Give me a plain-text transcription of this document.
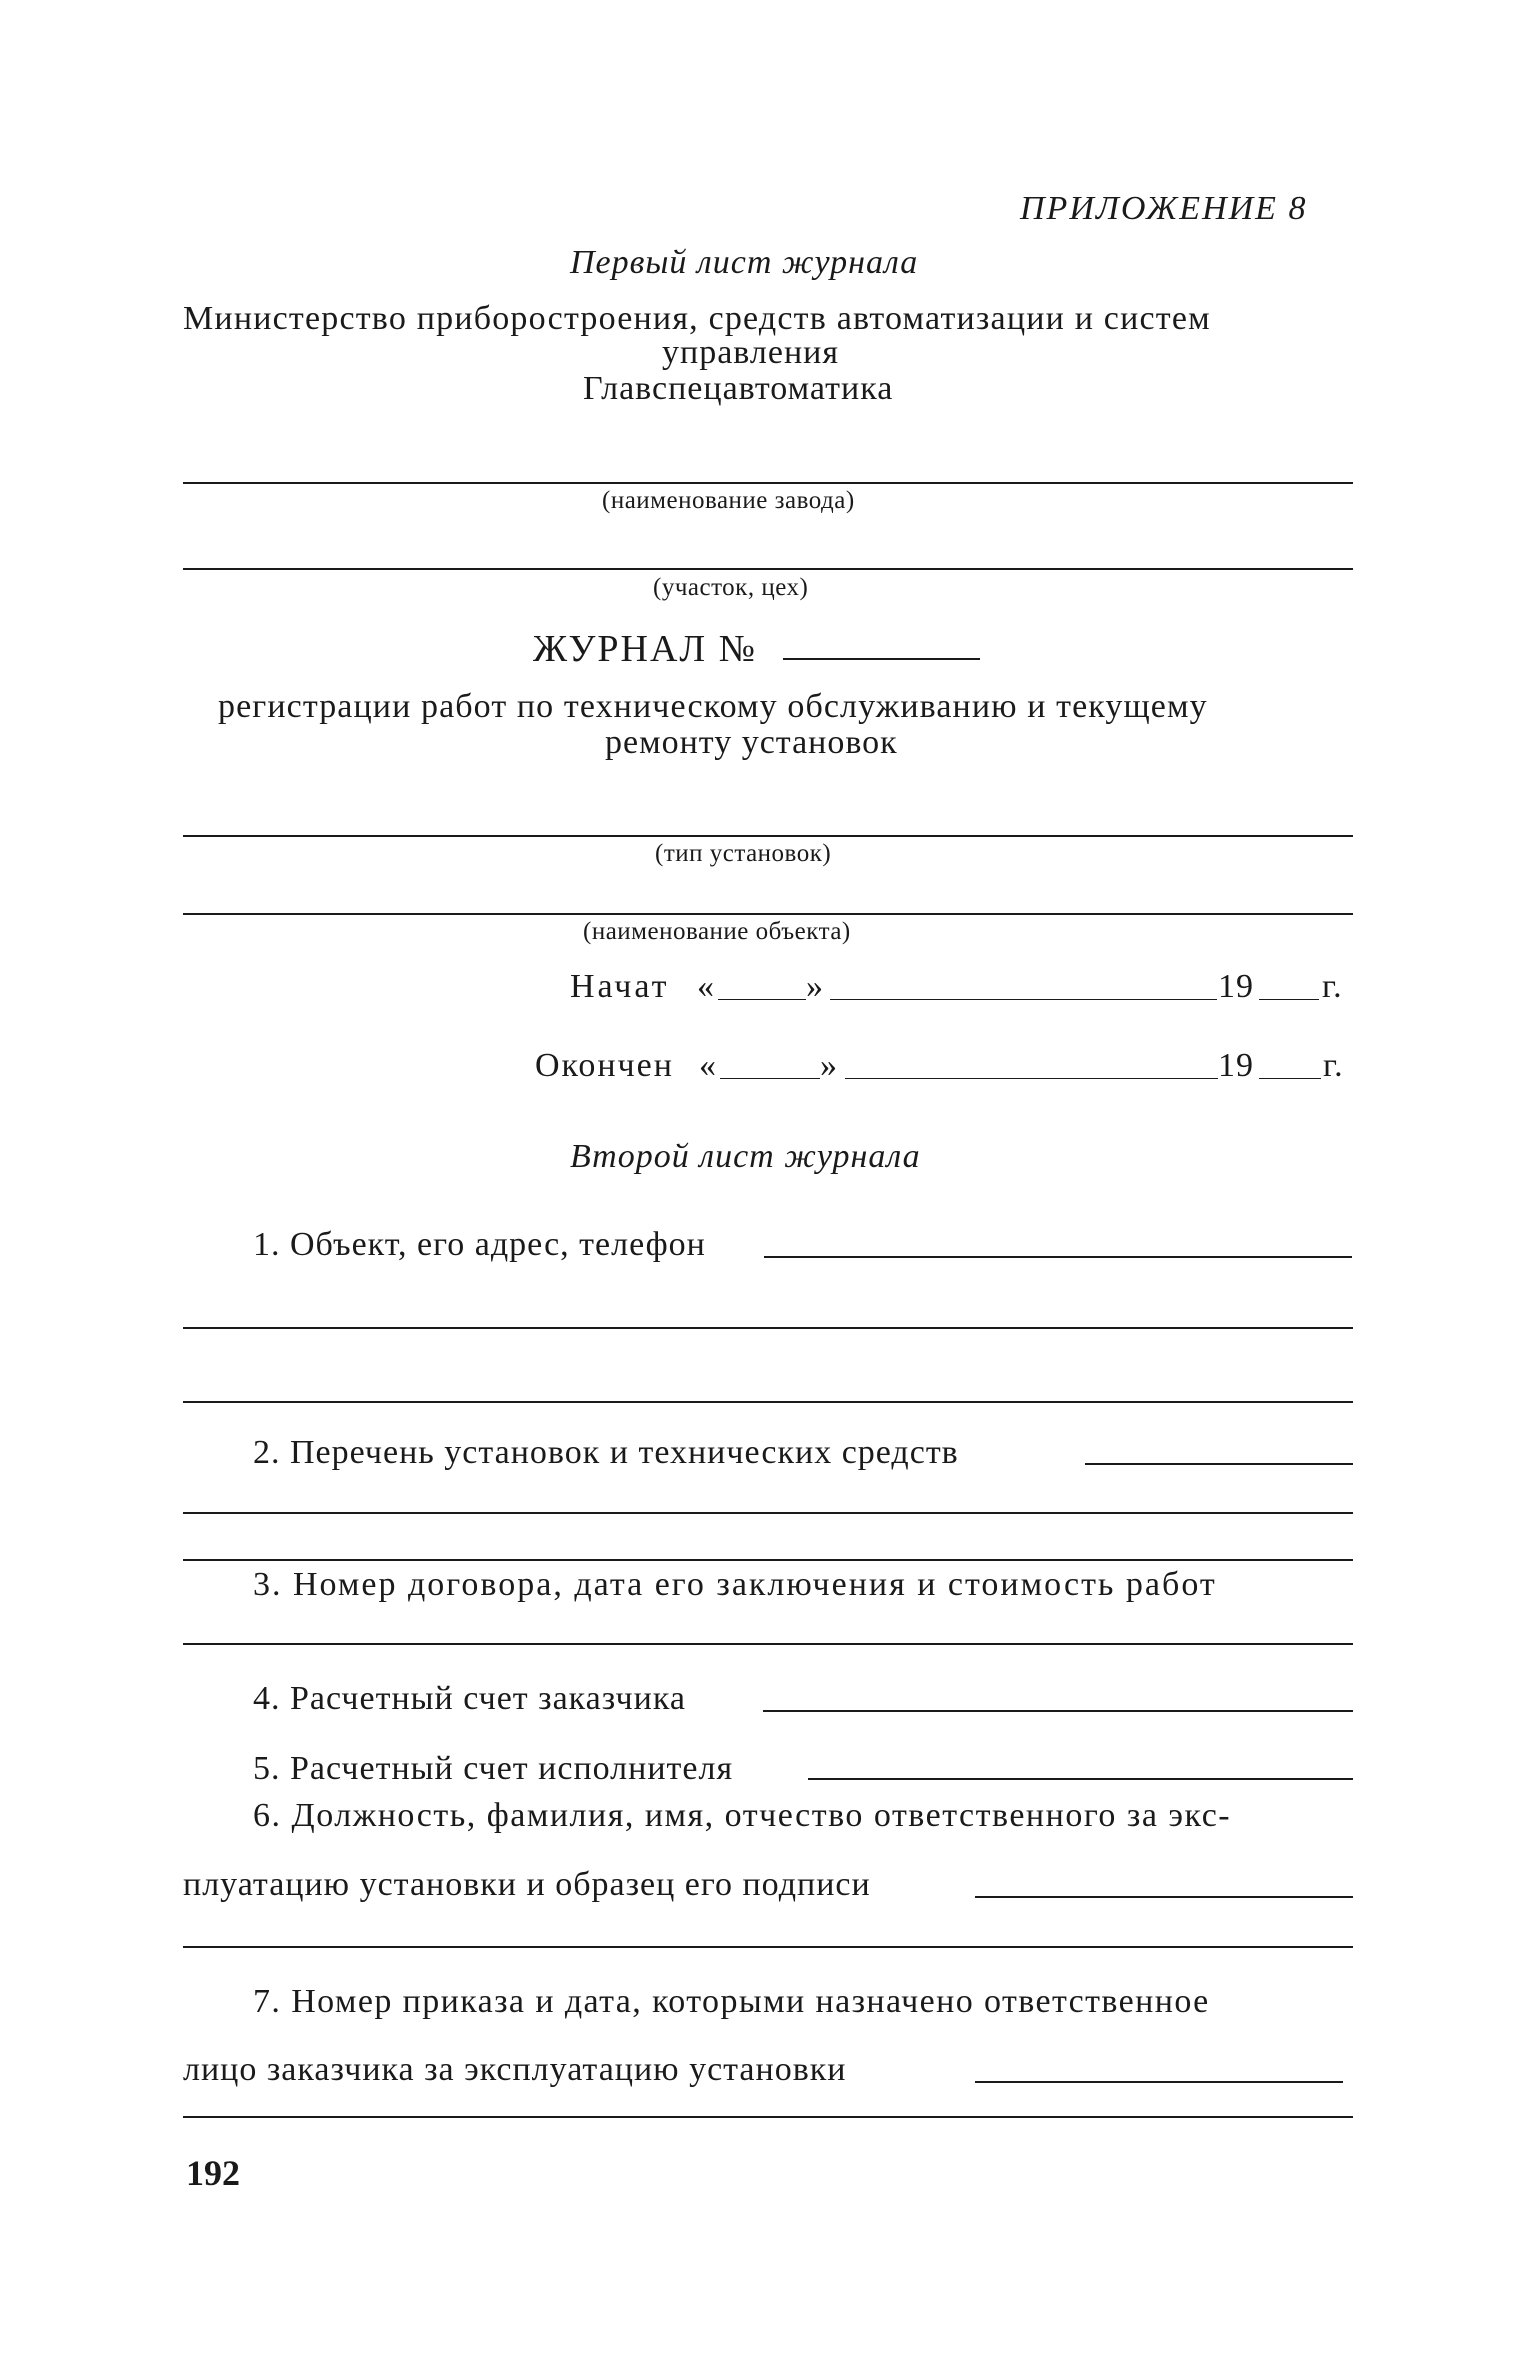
ПРИЛОЖЕНИЕ 8
Первый лист журнала
Министерство приборостроения, средств автоматизации и систем
управления
Главспецавтоматика
(наименование завода)
(участок, цех)
ЖУРНАЛ №
регистрации работ по техническому обслуживанию и текущему
ремонту установок
(тип установок)
(наименование объекта)
Начат «	»	19 г.
Окончен «	»	19 г.
Второй лист журнала
1. Объект, его адрес, телефон
2. Перечень установок и технических средств
3. Номер договора, дата его заключения и стоимость работ
4. Расчетный счет заказчика
5. Расчетный счет исполнителя
6. Должность, фамилия, имя, отчество ответственного за экс-
плуатацию установки и образец его подписи
7. Номер приказа и дата, которыми назначено ответственное
лицо заказчика за эксплуатацию установки
192
